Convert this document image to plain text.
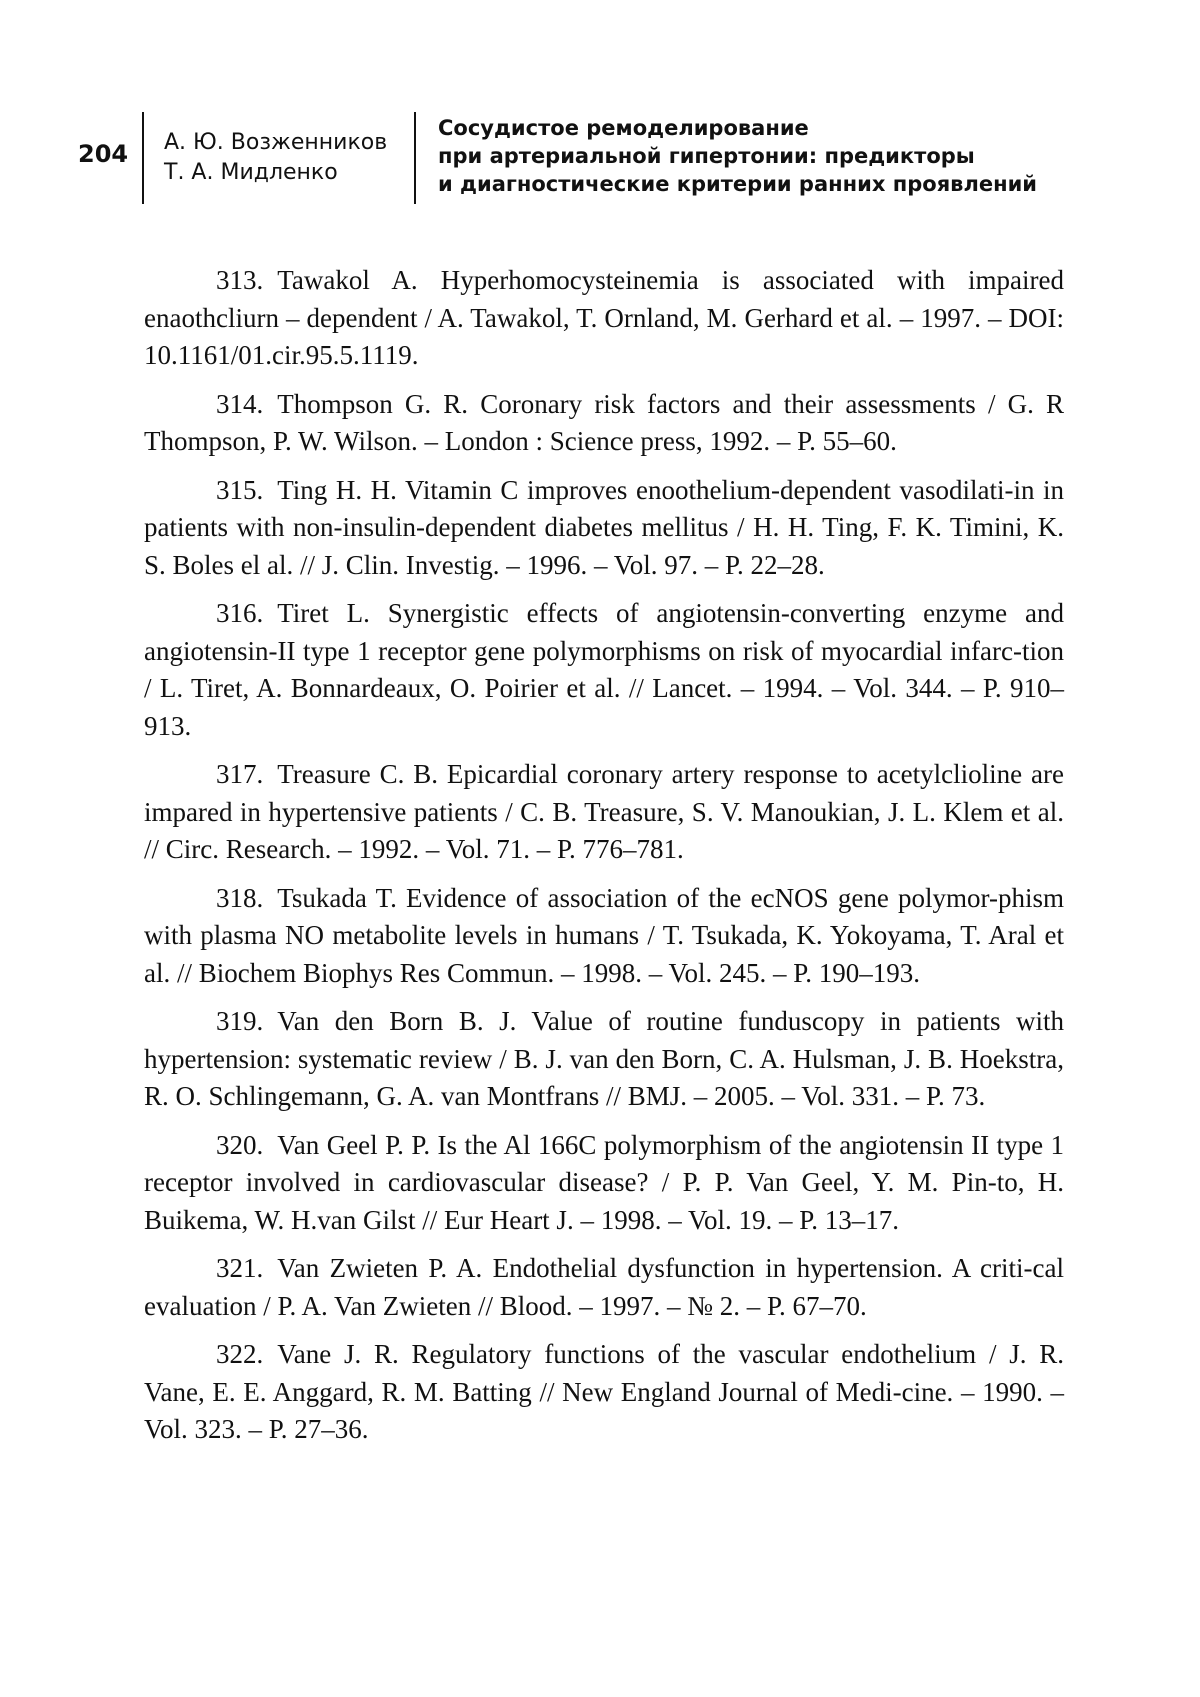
204	А. Ю. Возженников
Т. А. Мидленко
Сосудистое ремоделирование
при артериальной гипертонии: предикторы
и диагностические критерии ранних проявлений

313. Tawakol A. Hyperhomocysteinemia is associated with impaired enaothcliurn – dependent / A. Tawakol, T. Ornland, M. Gerhard et al. – 1997. – DOI: 10.1161/01.cir.95.5.1119.

314. Thompson G. R. Coronary risk factors and their assessments / G. R Thompson, P. W. Wilson. – London : Science press, 1992. – P. 55–60.

315. Ting H. H. Vitamin C improves enoothelium-dependent vasodilati-in in patients with non-insulin-dependent diabetes mellitus / H. H. Ting, F. K. Timini, K. S. Boles el al. // J. Clin. Investig. – 1996. – Vol. 97. – P. 22–28.

316. Tiret L. Synergistic effects of angiotensin-converting enzyme and angiotensin-II type 1 receptor gene polymorphisms on risk of myocardial infarc-tion / L. Tiret, A. Bonnardeaux, O. Poirier et al. // Lancet. – 1994. – Vol. 344. – P. 910–913.

317. Treasure C. B. Epicardial coronary artery response to acetylclioline are impared in hypertensive patients / C. B. Treasure, S. V. Manoukian, J. L. Klem et al. // Circ. Research. – 1992. – Vol. 71. – P. 776–781.

318. Tsukada T. Evidence of association of the ecNOS gene polymor-phism with plasma NO metabolite levels in humans / T. Tsukada, K. Yokoyama, T. Aral et al. // Biochem Biophys Res Commun. – 1998. – Vol. 245. – P. 190–193.

319. Van den Born B. J. Value of routine funduscopy in patients with hypertension: systematic review / B. J. van den Born, C. A. Hulsman, J. B. Hoekstra, R. O. Schlingemann, G. A. van Montfrans // BMJ. – 2005. – Vol. 331. – P. 73.

320. Van Geel P. P. Is the Al 166C polymorphism of the angiotensin II type 1 receptor involved in cardiovascular disease? / P. P. Van Geel, Y. M. Pin-to, H. Buikema, W. H.van Gilst // Eur Heart J. – 1998. – Vol. 19. – P. 13–17.

321. Van Zwieten P. A. Endothelial dysfunction in hypertension. A criti-cal evaluation / P. A. Van Zwieten // Blood. – 1997. – № 2. – P. 67–70.

322. Vane J. R. Regulatory functions of the vascular endothelium / J. R. Vane, E. E. Anggard, R. M. Batting // New England Journal of Medi-cine. – 1990. – Vol. 323. – P. 27–36.
